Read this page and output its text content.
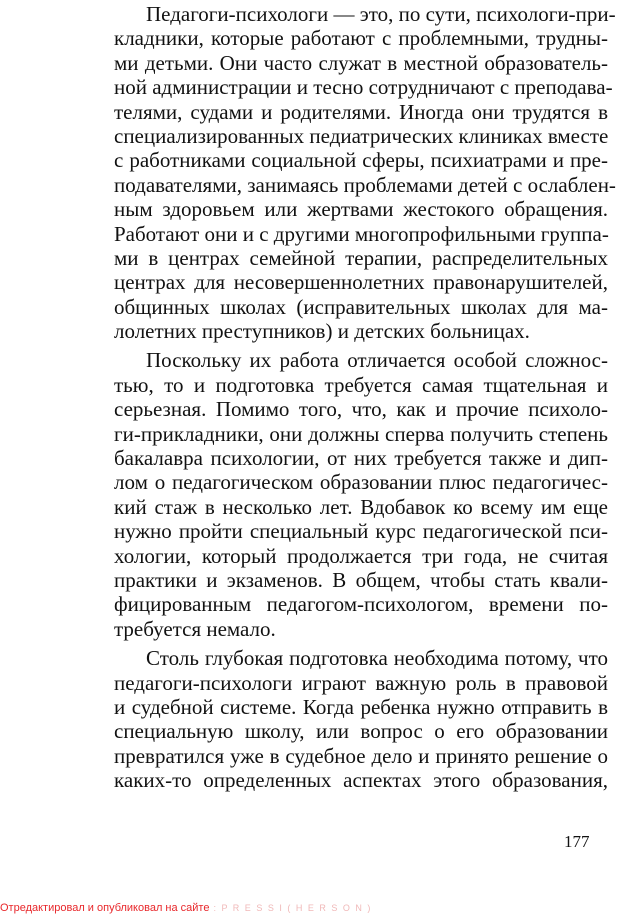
Педагоги-психологи — это, по сути, психологи-при-
кладники, которые работают с проблемными, трудны-
ми детьми. Они часто служат в местной образователь-
ной администрации и тесно сотрудничают с преподава-
телями, судами и родителями. Иногда они трудятся в
специализированных педиатрических клиниках вместе
с работниками социальной сферы, психиатрами и пре-
подавателями, занимаясь проблемами детей с ослаблен-
ным здоровьем или жертвами жестокого обращения.
Работают они и с другими многопрофильными группа-
ми в центрах семейной терапии, распределительных
центрах для несовершеннолетних правонарушителей,
общинных школах (исправительных школах для ма-
лолетних преступников) и детских больницах.
Поскольку их работа отличается особой сложнос-
тью, то и подготовка требуется самая тщательная и
серьезная. Помимо того, что, как и прочие психоло-
ги-прикладники, они должны сперва получить степень
бакалавра психологии, от них требуется также и дип-
лом о педагогическом образовании плюс педагогичес-
кий стаж в несколько лет. Вдобавок ко всему им еще
нужно пройти специальный курс педагогической пси-
хологии, который продолжается три года, не считая
практики и экзаменов. В общем, чтобы стать квали-
фицированным педагогом-психологом, времени по-
требуется немало.
Столь глубокая подготовка необходима потому, что
педагоги-психологи играют важную роль в правовой
и судебной системе. Когда ребенка нужно отправить в
специальную школу, или вопрос о его образовании
превратился уже в судебное дело и принято решение о
каких-то определенных аспектах этого образования,
177
Отредактировал и опубликовал на сайте : P R E S S I ( H E R S O N )
